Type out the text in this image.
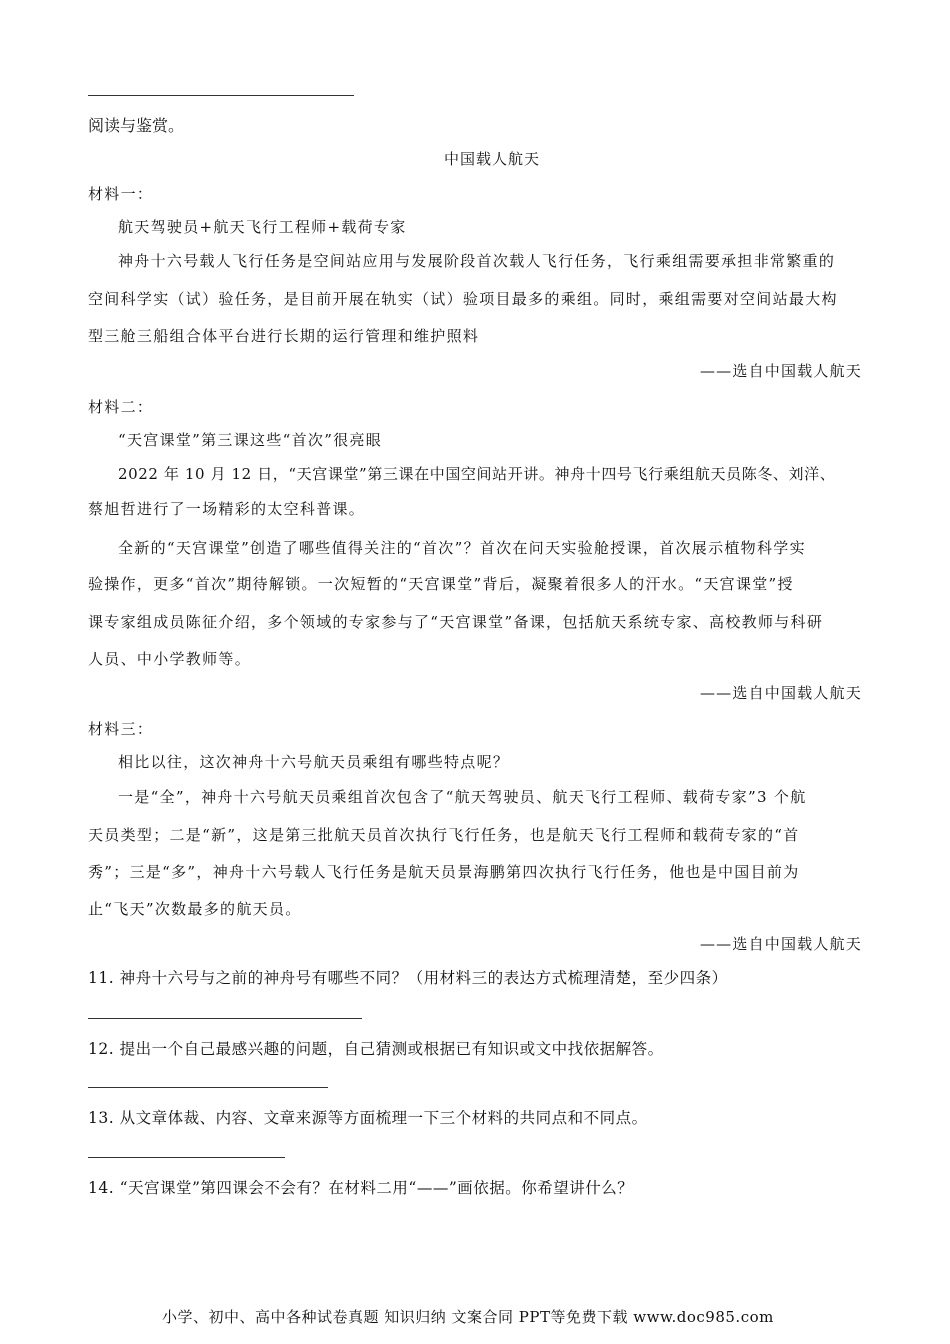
阅读与鉴赏。
中国载人航天
材料一：
航天驾驶员+航天飞行工程师+载荷专家
神舟十六号载人飞行任务是空间站应用与发展阶段首次载人飞行任务，飞行乘组需要承担非常繁重的
空间科学实（试）验任务，是目前开展在轨实（试）验项目最多的乘组。同时，乘组需要对空间站最大构
型三舱三船组合体平台进行长期的运行管理和维护照料
——选自中国载人航天
材料二：
“天宫课堂”第三课这些“首次”很亮眼
2022 年 10 月 12 日，“天宫课堂”第三课在中国空间站开讲。神舟十四号飞行乘组航天员陈冬、刘洋、
蔡旭哲进行了一场精彩的太空科普课。
全新的“天宫课堂”创造了哪些值得关注的“首次”？首次在问天实验舱授课，首次展示植物科学实
验操作，更多“首次”期待解锁。一次短暂的“天宫课堂”背后，凝聚着很多人的汗水。“天宫课堂”授
课专家组成员陈征介绍，多个领域的专家参与了“天宫课堂”备课，包括航天系统专家、高校教师与科研
人员、中小学教师等。
——选自中国载人航天
材料三：
相比以往，这次神舟十六号航天员乘组有哪些特点呢？
一是“全”，神舟十六号航天员乘组首次包含了“航天驾驶员、航天飞行工程师、载荷专家”3 个航
天员类型；二是“新”，这是第三批航天员首次执行飞行任务，也是航天飞行工程师和载荷专家的“首
秀”；三是“多”，神舟十六号载人飞行任务是航天员景海鹏第四次执行飞行任务，他也是中国目前为
止“飞天”次数最多的航天员。
——选自中国载人航天
11. 神舟十六号与之前的神舟号有哪些不同？（用材料三的表达方式梳理清楚，至少四条）
12. 提出一个自己最感兴趣的问题，自己猜测或根据已有知识或文中找依据解答。
13. 从文章体裁、内容、文章来源等方面梳理一下三个材料的共同点和不同点。
14. “天宫课堂”第四课会不会有？在材料二用“——”画依据。你希望讲什么？
小学、初中、高中各种试卷真题 知识归纳 文案合同 PPT等免费下载 www.doc985.com
